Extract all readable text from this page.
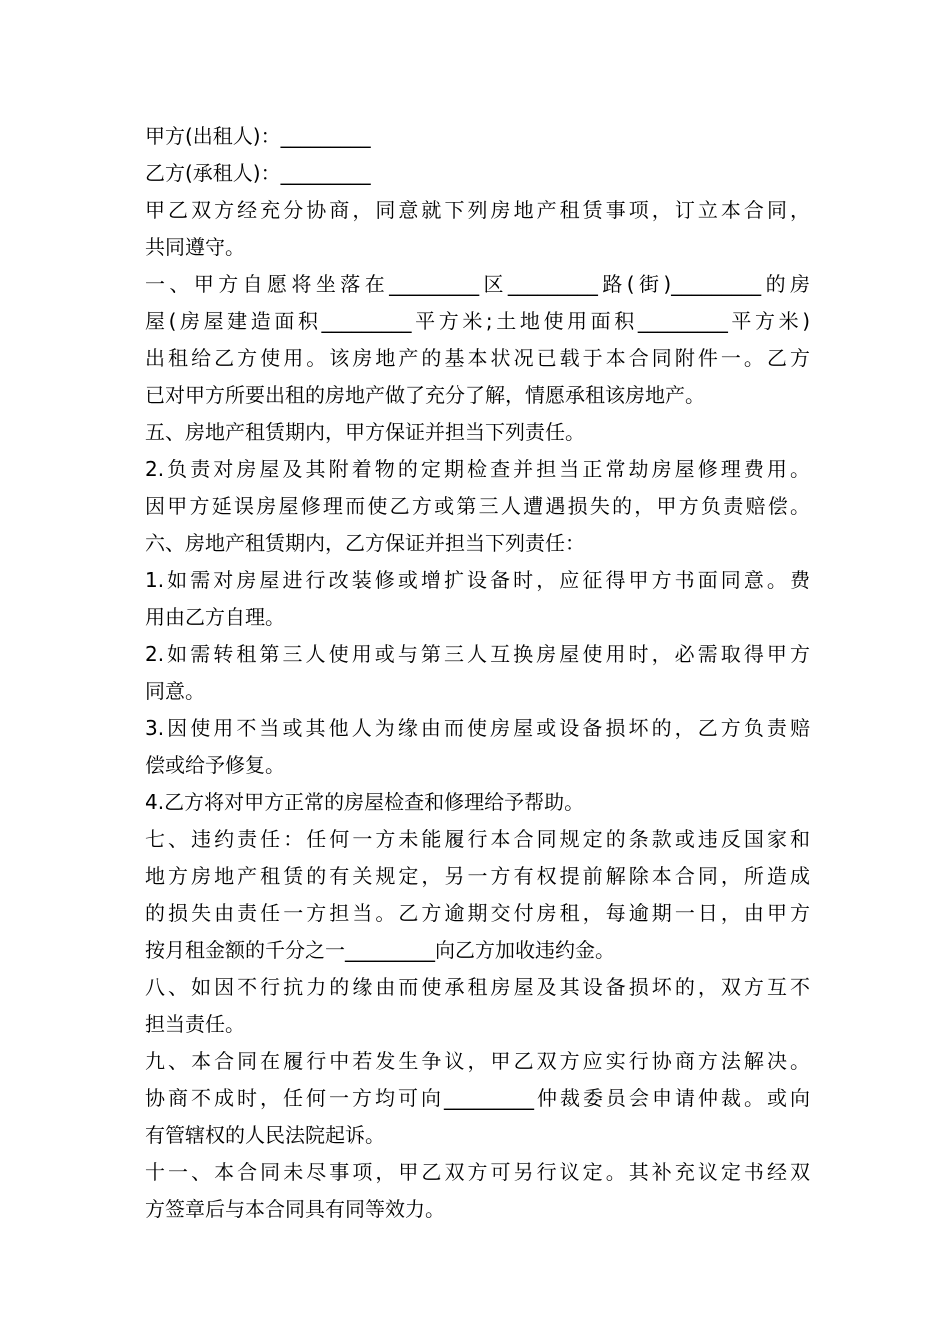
甲方(出租人)：_________
乙方(承租人)：_________
甲乙双方经充分协商，同意就下列房地产租赁事项，订立本合同，
共同遵守。
一、甲方自愿将坐落在_________区_________路(街)_________的房
屋(房屋建造面积_________平方米;土地使用面积_________平方米)
出租给乙方使用。该房地产的基本状况已载于本合同附件一。乙方
已对甲方所要出租的房地产做了充分了解，情愿承租该房地产。
五、房地产租赁期内，甲方保证并担当下列责任。
2.负责对房屋及其附着物的定期检查并担当正常劫房屋修理费用。
因甲方延误房屋修理而使乙方或第三人遭遇损失的，甲方负责赔偿。
六、房地产租赁期内，乙方保证并担当下列责任：
1.如需对房屋进行改装修或增扩设备时，应征得甲方书面同意。费
用由乙方自理。
2.如需转租第三人使用或与第三人互换房屋使用时，必需取得甲方
同意。
3.因使用不当或其他人为缘由而使房屋或设备损坏的，乙方负责赔
偿或给予修复。
4.乙方将对甲方正常的房屋检查和修理给予帮助。
七、违约责任：任何一方未能履行本合同规定的条款或违反国家和
地方房地产租赁的有关规定，另一方有权提前解除本合同，所造成
的损失由责任一方担当。乙方逾期交付房租，每逾期一日，由甲方
按月租金额的千分之一_________向乙方加收违约金。
八、如因不行抗力的缘由而使承租房屋及其设备损坏的，双方互不
担当责任。
九、本合同在履行中若发生争议，甲乙双方应实行协商方法解决。
协商不成时，任何一方均可向_________仲裁委员会申请仲裁。或向
有管辖权的人民法院起诉。
十一、本合同未尽事项，甲乙双方可另行议定。其补充议定书经双
方签章后与本合同具有同等效力。
